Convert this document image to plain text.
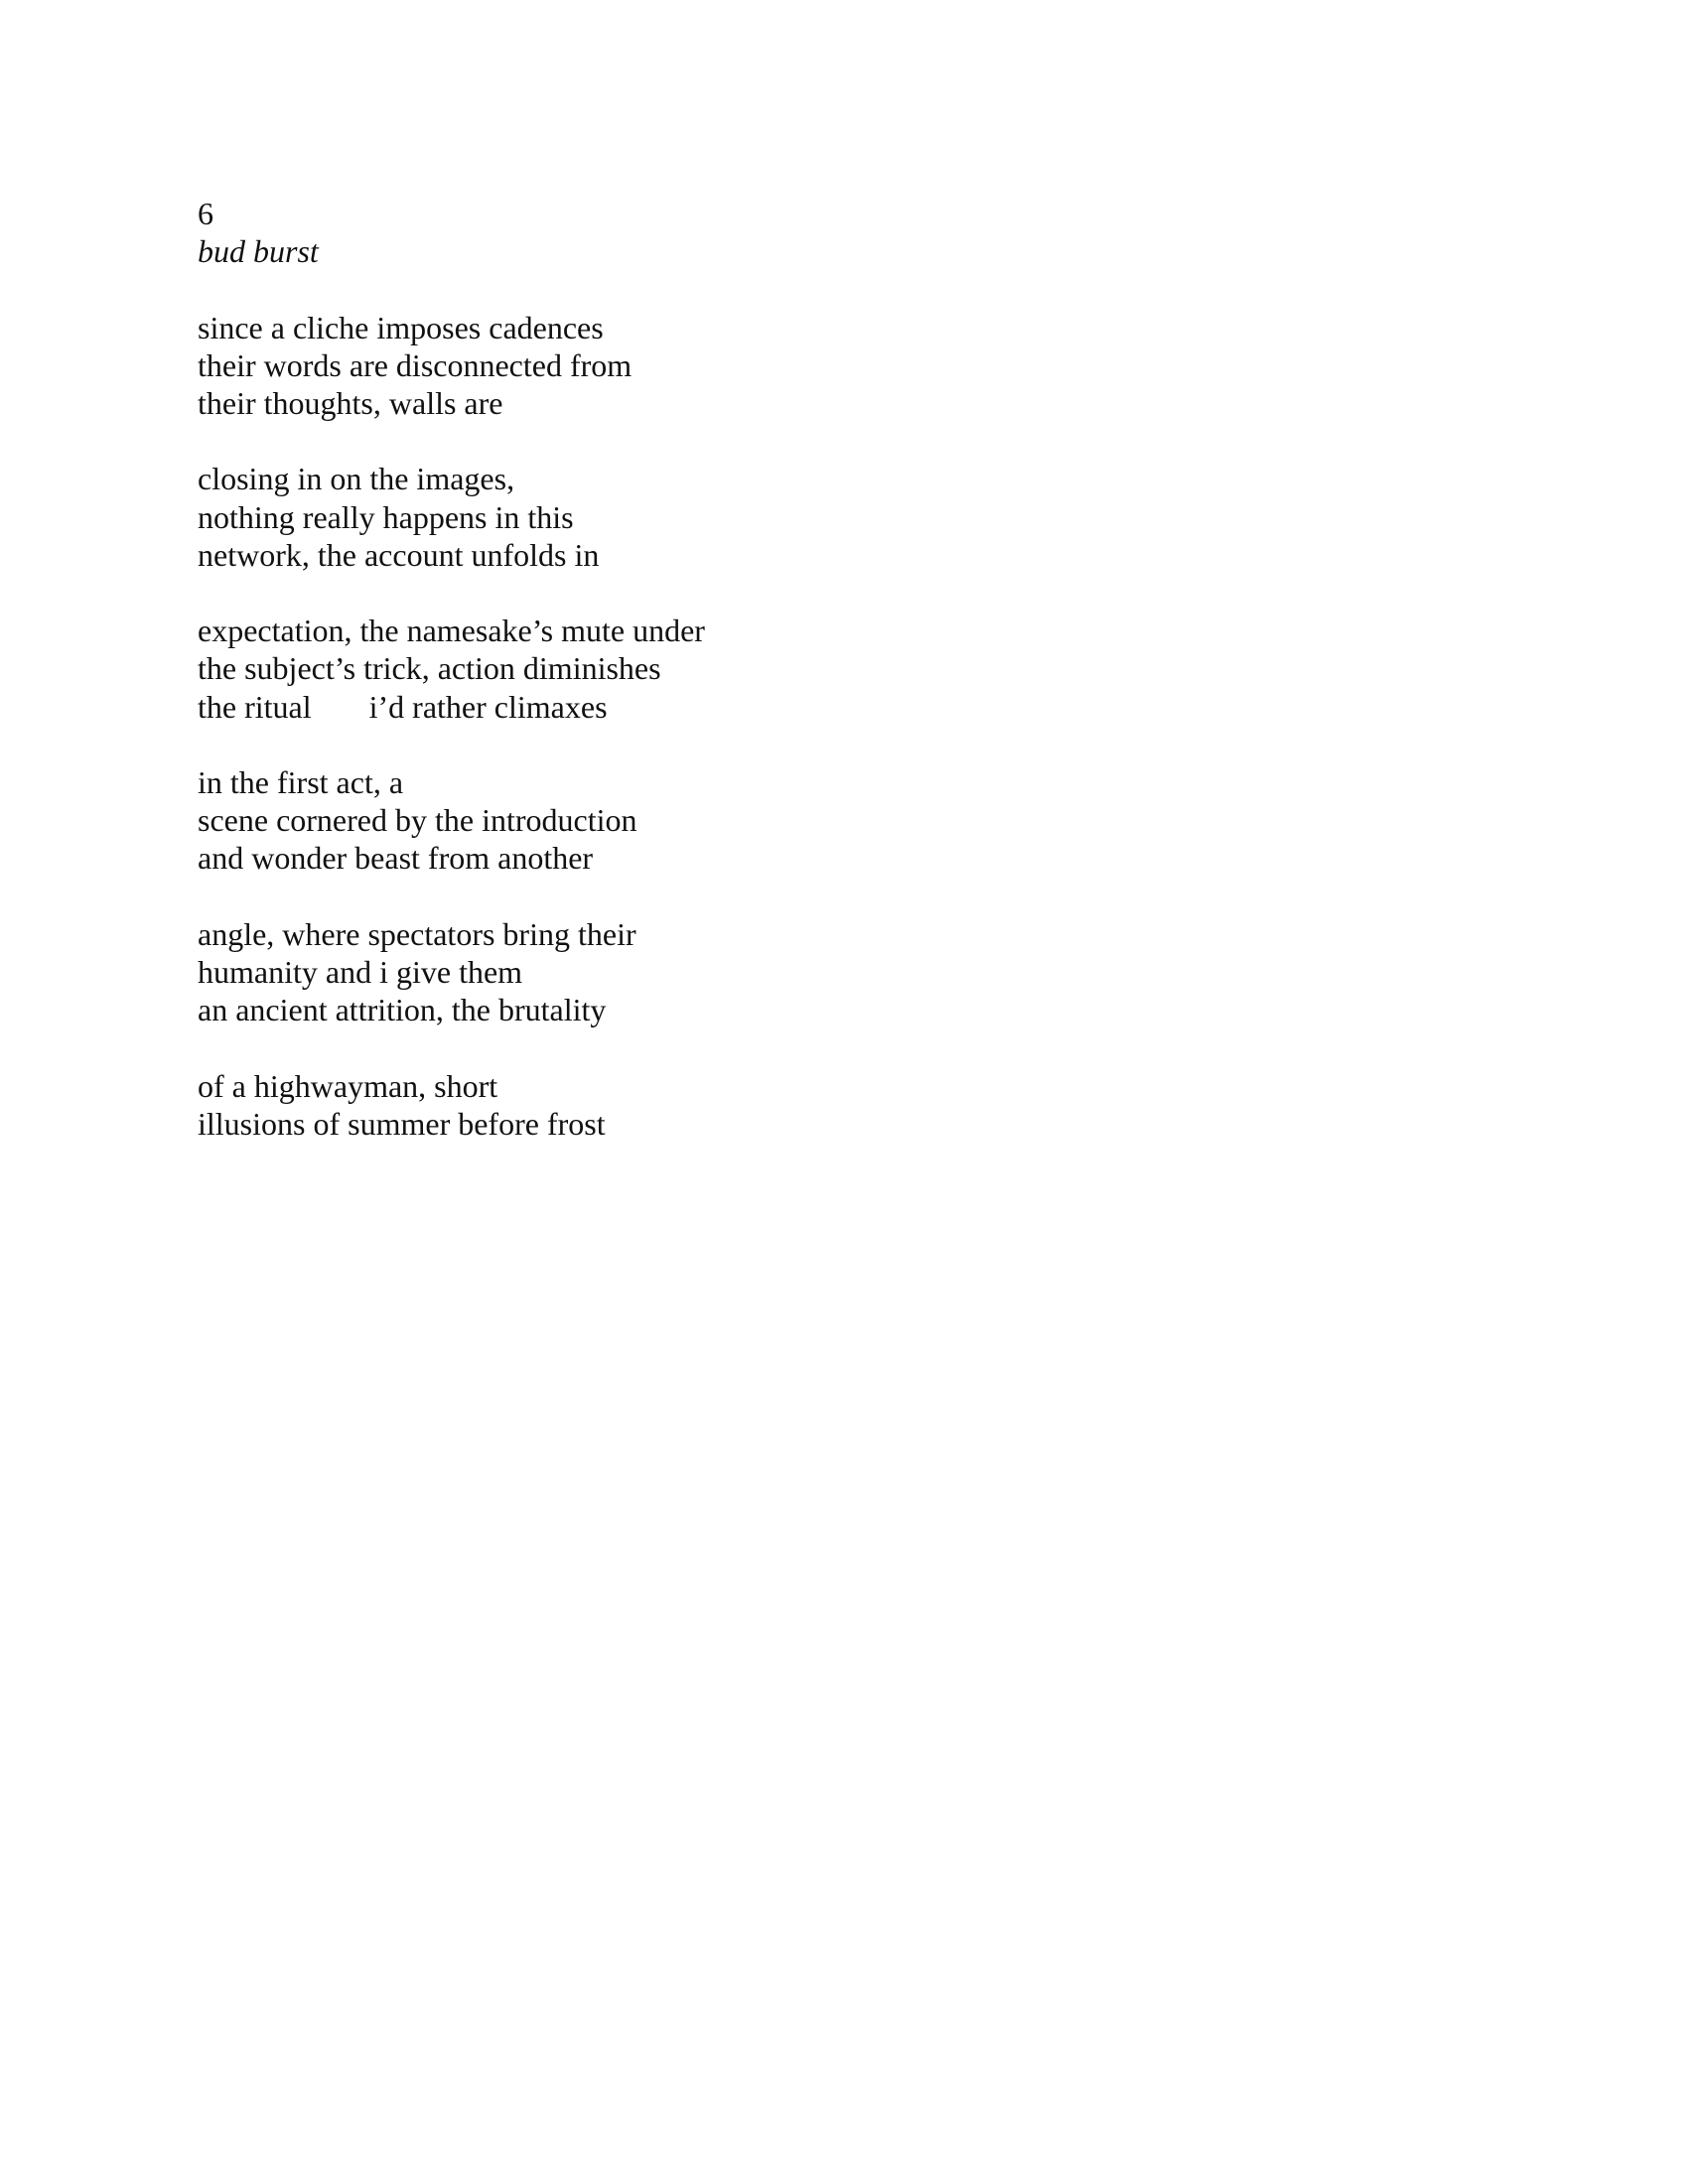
6
bud burst
since a cliche imposes cadences
their words are disconnected from
their thoughts, walls are
closing in on the images,
nothing really happens in this
network, the account unfolds in
expectation, the namesake’s mute under
the subject’s trick, action diminishes
the ritual i’d rather climaxes
in the first act, a
scene cornered by the introduction
and wonder beast from another
angle, where spectators bring their
humanity and i give them
an ancient attrition, the brutality
of a highwayman, short
illusions of summer before frost
